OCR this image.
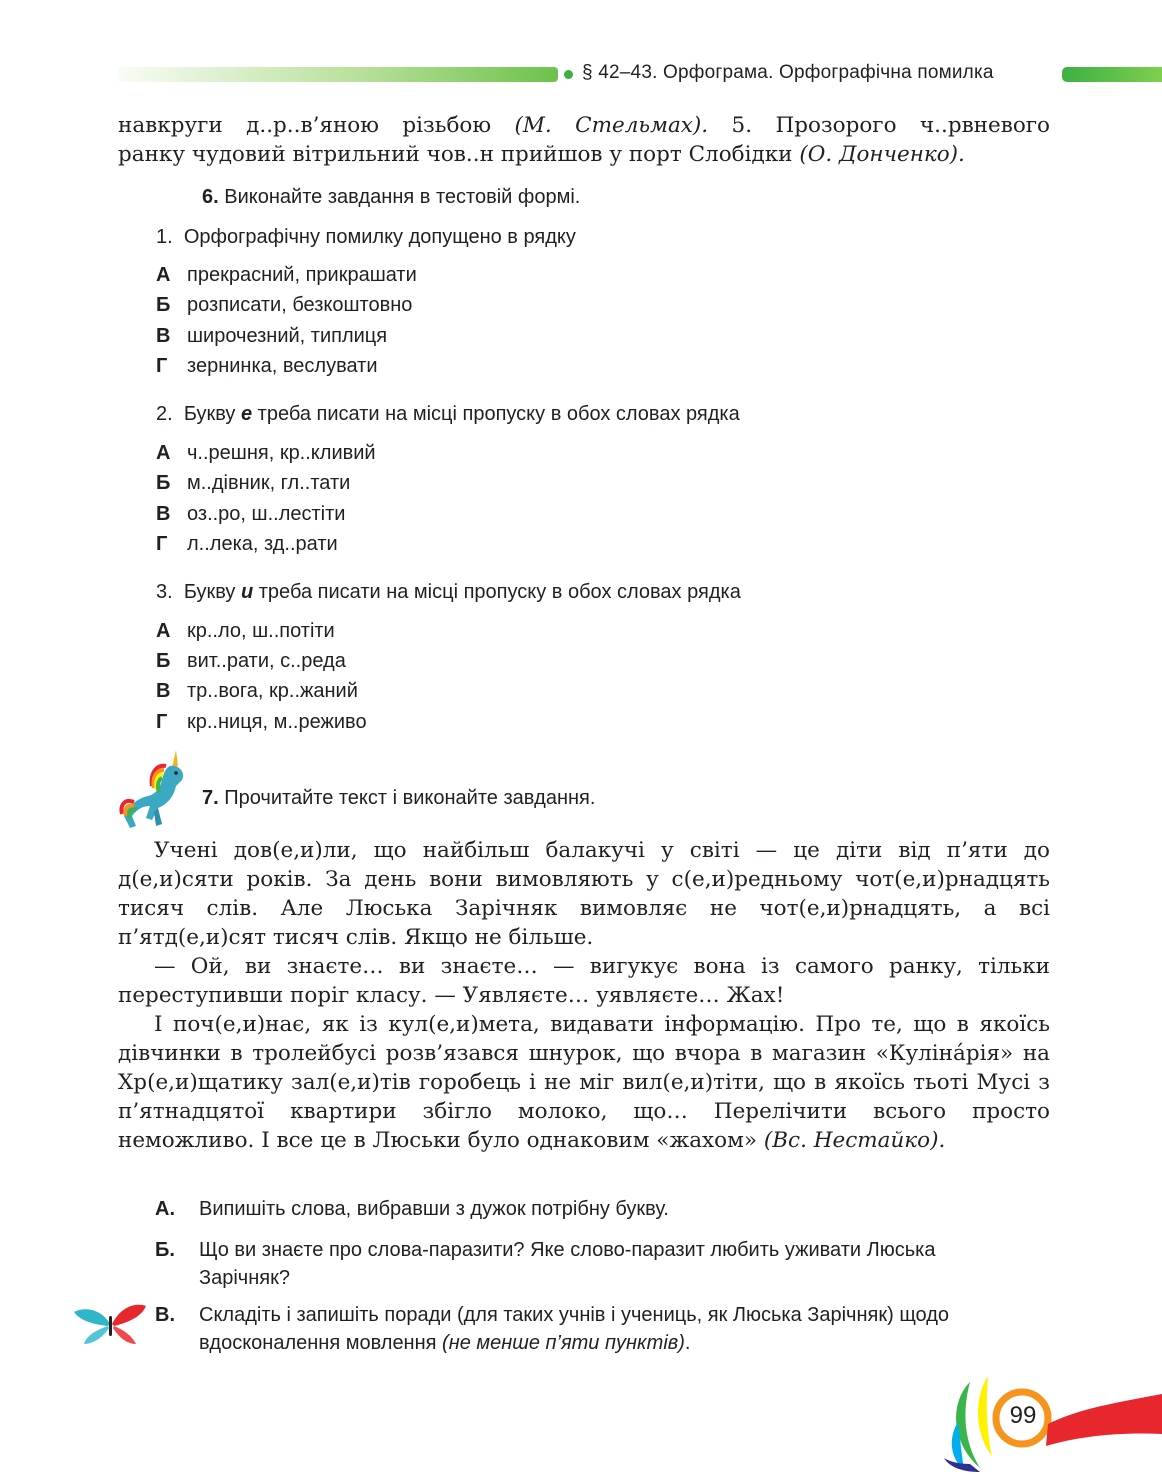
§ 42–43. Орфограма. Орфографічна помилка

навкруги д..р..в’яною різьбою (М. Стельмах). 5. Прозорого ч..рвневого

ранку чудовий вітрильний чов..н прийшов у порт Слобідки (О. Донченко).

6. Виконайте завдання в тестовій формі.
1. Орфографічну помилку допущено в рядку
А прекрасний, прикрашати
Б розписати, безкоштовно
В широчезний, типлиця
Г зернинка, веслувати
2. Букву е треба писати на місці пропуску в обох словах рядка
А ч..решня, кр..кливий
Б м..дівник, гл..тати
В оз..ро, ш..лестіти
Г л..лека, зд..рати
3. Букву и треба писати на місці пропуску в обох словах рядка
А кр..ло, ш..потіти
Б вит..рати, с..реда
В тр..вога, кр..жаний
Г кр..ниця, м..реживо
7. Прочитайте текст і виконайте завдання.

Учені дов(е,и)ли, що найбільш балакучі у світі — це діти від п’яти до д(е,и)сяти років. За день вони вимовляють у с(е,и)редньому чот(е,и)рнадцять тисяч слів. Але Люська Зарічняк вимовляє не чот(е,и)рнадцять, а всі п’ятд(е,и)сят тисяч слів. Якщо не більше.

— Ой, ви знаєте… ви знаєте… — вигукує вона із самого ранку, тільки переступивши поріг класу. — Уявляєте… уявляєте… Жах!

І поч(е,и)нає, як із кул(е,и)мета, видавати інформацію. Про те, що в якоїсь дівчинки в тролейбусі розв’язався шнурок, що вчора в магазин «Кулінáрія» на Хр(е,и)щатику зал(е,и)тів горобець і не міг вил(е,и)тіти, що в якоїсь тьоті Мусі з п’ятнадцятої квартири збігло молоко, що… Перелічити всього просто неможливо. І все це в Люськи було однаковим «жахом» (Вс. Нестайко).

А. Випишіть слова, вибравши з дужок потрібну букву.
Б. Що ви знаєте про слова-паразити? Яке слово-паразит любить уживати Люська Зарічняк?
В. Складіть і запишіть поради (для таких учнів і учениць, як Люська Зарічняк) щодо вдосконалення мовлення (не менше п’яти пунктів).
99
